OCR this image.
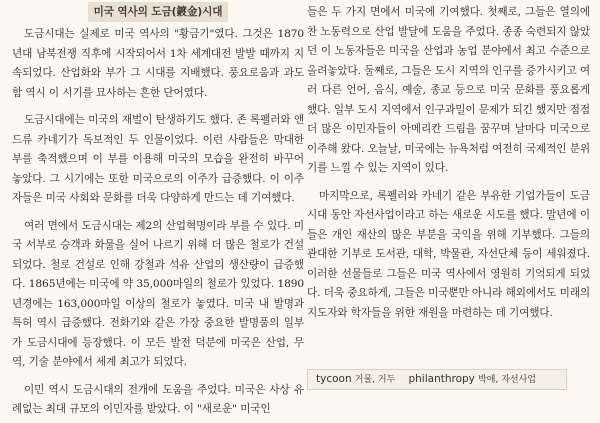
미국 역사의 도금(鍍金)시대

도금시대는 실제로 미국 역사의 "황금기"였다. 그것은 1870년대 남북전쟁 직후에 시작되어서 1차 세계대전 발발 때까지 지속되었다. 산업화와 부가 그 시대를 지배했다. 풍요로움과 과도함 역시 이 시기를 묘사하는 흔한 단어였다.

도금시대에는 미국의 재벌이 탄생하기도 했다. 존 록펠러와 앤드류 카네기가 독보적인 두 인물이었다. 이런 사람들은 막대한 부를 축적했으며 이 부를 이용해 미국의 모습을 완전히 바꾸어 놓았다. 그 시기에는 또한 미국으로의 이주가 급증했다. 이 이주자들은 미국 사회와 문화를 더욱 다양하게 만드는 데 기여했다.

여러 면에서 도금시대는 제2의 산업혁명이라 부를 수 있다. 미국 서부로 승객과 화물을 실어 나르기 위해 더 많은 철로가 건설되었다. 철로 건설로 인해 강철과 석유 산업의 생산량이 급증했다. 1865년에는 미국에 약 35,000마일의 철로가 있었다. 1890년경에는 163,000마일 이상의 철로가 놓였다. 미국 내 발명과 특허 역시 급증했다. 전화기와 같은 가장 중요한 발명품의 일부가 도금시대에 등장했다. 이 모든 발전 덕분에 미국은 산업, 무역, 기술 분야에서 세계 최고가 되었다.

이민 역시 도금시대의 전개에 도움을 주었다. 미국은 사상 유례없는 최대 규모의 이민자를 받았다. 이 "새로운" 미국인

들은 두 가지 면에서 미국에 기여했다. 첫째로, 그들은 열의에 찬 노동력으로 산업 발달에 도움을 주었다. 종종 숙련되지 않았던 이 노동자들은 미국을 산업과 농업 분야에서 최고 수준으로 올려놓았다. 둘째로, 그들은 도시 지역의 인구를 증가시키고 여러 다른 언어, 음식, 예술, 종교 등으로 미국 문화를 풍요롭게 했다. 일부 도시 지역에서 인구과밀이 문제가 되긴 했지만 점점 더 많은 이민자들이 아메리칸 드림을 꿈꾸며 날마다 미국으로 이주해 왔다. 오늘날, 미국에는 뉴욕처럼 여전히 국제적인 분위기를 느낄 수 있는 지역이 있다.

마지막으로, 록펠러와 카네기 같은 부유한 기업가들이 도금시대 동안 자선사업이라고 하는 새로운 시도를 했다. 말년에 이들은 개인 재산의 많은 부분을 국익을 위해 기부했다. 그들의 관대한 기부로 도서관, 대학, 박물관, 자선단체 등이 세워졌다. 이러한 선물들로 그들은 미국 역사에서 영원히 기억되게 되었다. 더욱 중요하게, 그들은 미국뿐만 아니라 해외에서도 미래의 지도자와 학자들을 위한 재원을 마련하는 데 기여했다.

tycoon 거물, 거두 philanthropy 박애, 자선사업
